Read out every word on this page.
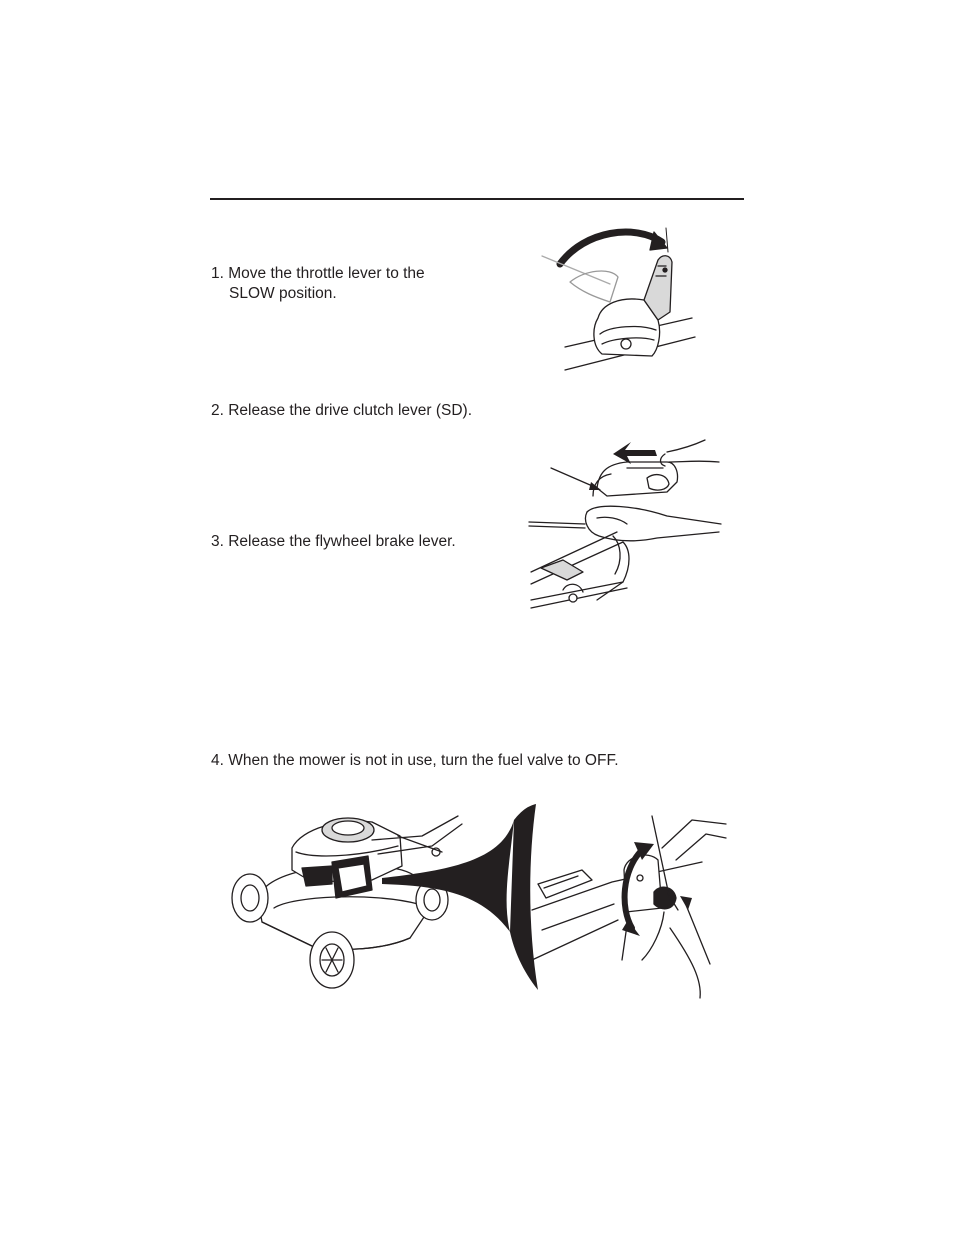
1. Move the throttle lever to the
SLOW position.
2. Release the drive clutch lever (SD).
3. Release the flywheel brake lever.
4. When the mower is not in use, turn the fuel valve to OFF.
